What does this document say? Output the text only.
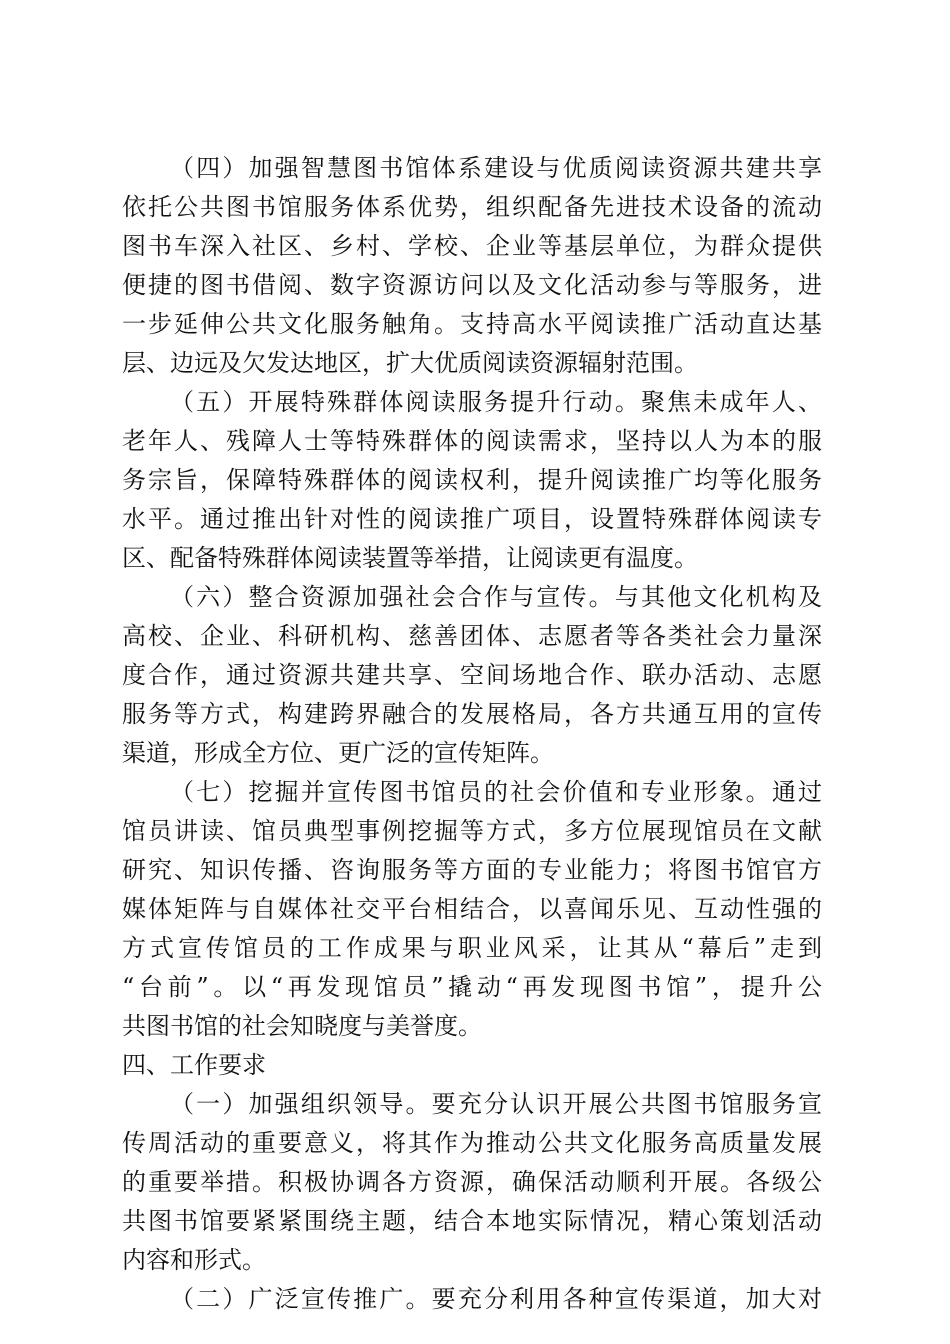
（四）加强智慧图书馆体系建设与优质阅读资源共建共享
依托公共图书馆服务体系优势，组织配备先进技术设备的流动
图书车深入社区、乡村、学校、企业等基层单位，为群众提供
便捷的图书借阅、数字资源访问以及文化活动参与等服务，进
一步延伸公共文化服务触角。支持高水平阅读推广活动直达基
层、边远及欠发达地区，扩大优质阅读资源辐射范围。
（五）开展特殊群体阅读服务提升行动。聚焦未成年人、
老年人、残障人士等特殊群体的阅读需求，坚持以人为本的服
务宗旨，保障特殊群体的阅读权利，提升阅读推广均等化服务
水平。通过推出针对性的阅读推广项目，设置特殊群体阅读专
区、配备特殊群体阅读装置等举措，让阅读更有温度。
（六）整合资源加强社会合作与宣传。与其他文化机构及
高校、企业、科研机构、慈善团体、志愿者等各类社会力量深
度合作，通过资源共建共享、空间场地合作、联办活动、志愿
服务等方式，构建跨界融合的发展格局，各方共通互用的宣传
渠道，形成全方位、更广泛的宣传矩阵。
（七）挖掘并宣传图书馆员的社会价值和专业形象。通过
馆员讲读、馆员典型事例挖掘等方式，多方位展现馆员在文献
研究、知识传播、咨询服务等方面的专业能力；将图书馆官方
媒体矩阵与自媒体社交平台相结合，以喜闻乐见、互动性强的
方式宣传馆员的工作成果与职业风采，让其从“幕后”走到
“台前”。以“再发现馆员”撬动“再发现图书馆”，提升公
共图书馆的社会知晓度与美誉度。
四、工作要求
（一）加强组织领导。要充分认识开展公共图书馆服务宣
传周活动的重要意义，将其作为推动公共文化服务高质量发展
的重要举措。积极协调各方资源，确保活动顺利开展。各级公
共图书馆要紧紧围绕主题，结合本地实际情况，精心策划活动
内容和形式。
（二）广泛宣传推广。要充分利用各种宣传渠道，加大对
